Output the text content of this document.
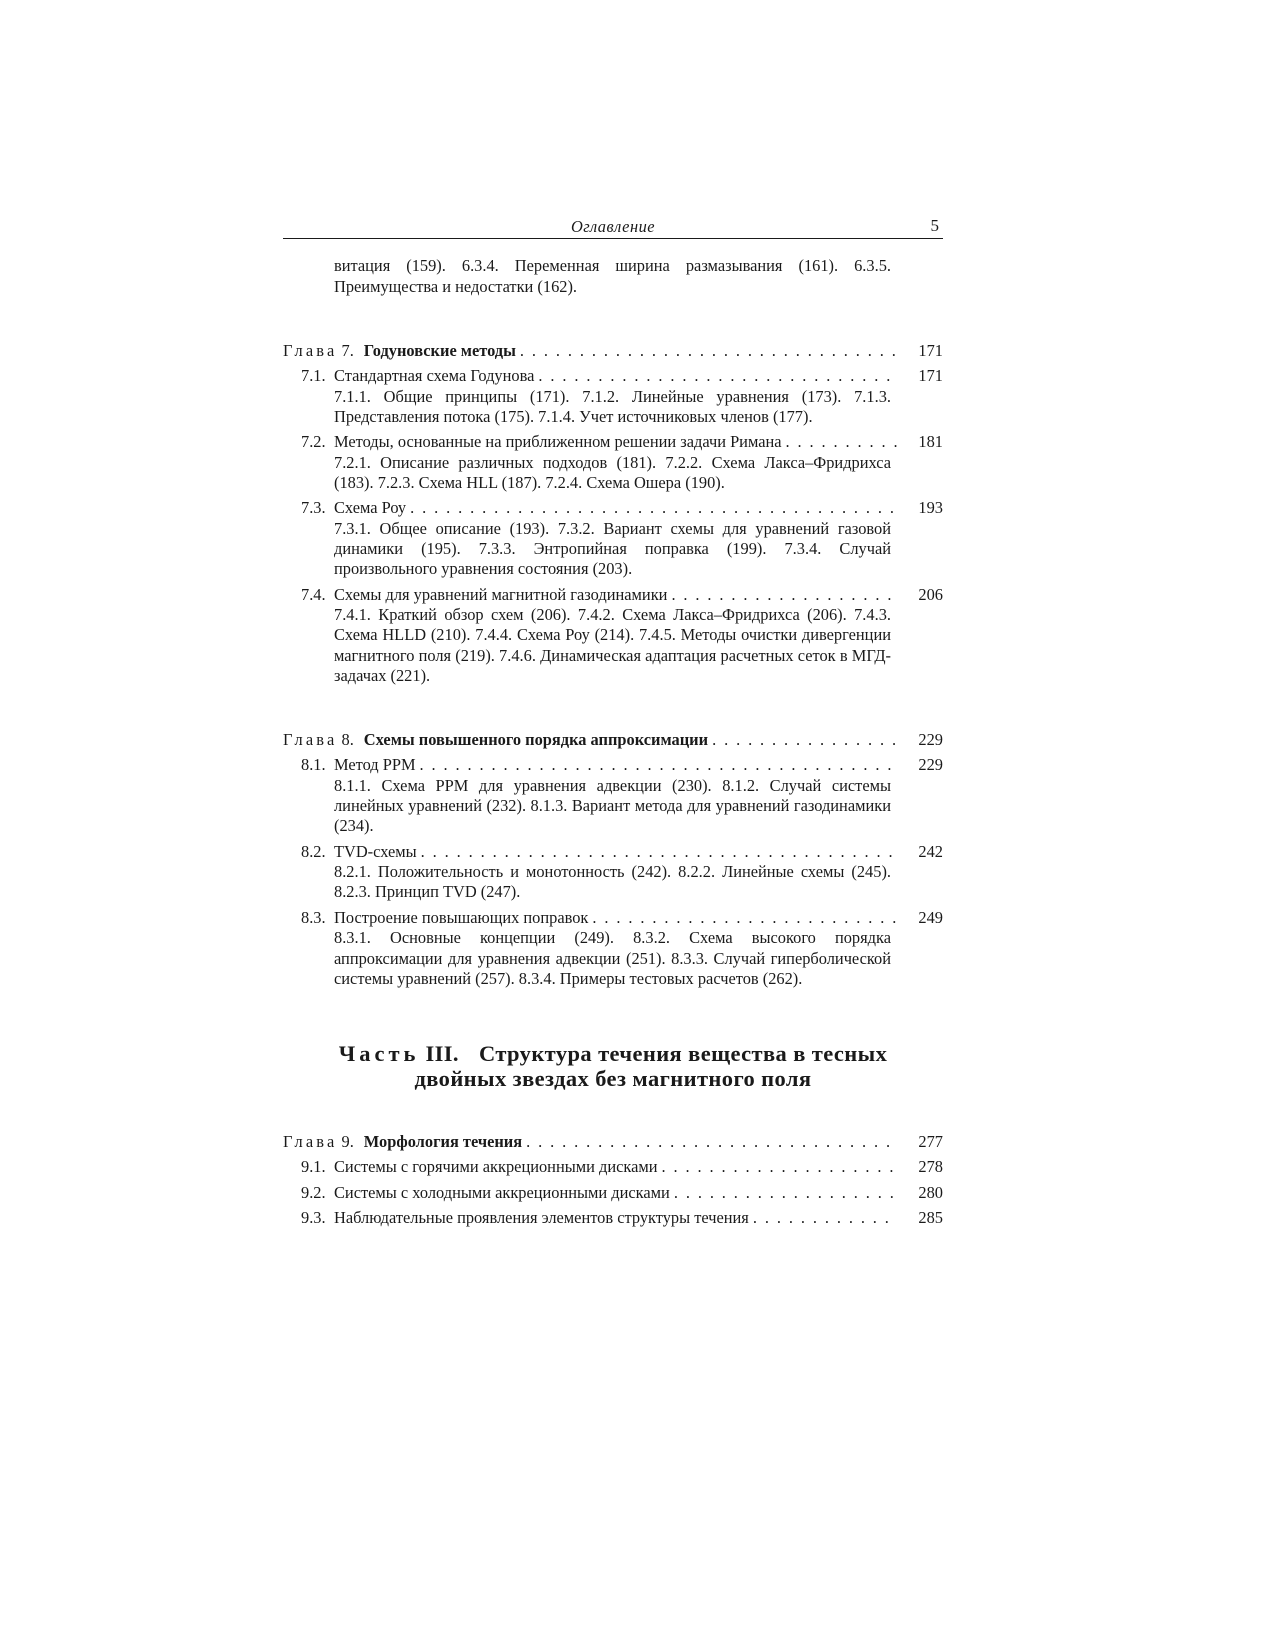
Оглавление	5
витация (159). 6.3.4. Переменная ширина размазывания (161). 6.3.5. Преимущества и недостатки (162).
Глава 7. Годуновские методы . . .	171
7.1. Стандартная схема Годунова . . .	171
7.1.1. Общие принципы (171). 7.1.2. Линейные уравнения (173). 7.1.3. Представления потока (175). 7.1.4. Учет источниковых членов (177).
7.2. Методы, основанные на приближенном решении задачи Римана . . .	181
7.2.1. Описание различных подходов (181). 7.2.2. Схема Лакса–Фридрихса (183). 7.2.3. Схема HLL (187). 7.2.4. Схема Ошера (190).
7.3. Схема Роу . . .	193
7.3.1. Общее описание (193). 7.3.2. Вариант схемы для уравнений газовой динамики (195). 7.3.3. Энтропийная поправка (199). 7.3.4. Случай произвольного уравнения состояния (203).
7.4. Схемы для уравнений магнитной газодинамики . . .	206
7.4.1. Краткий обзор схем (206). 7.4.2. Схема Лакса–Фридрихса (206). 7.4.3. Схема HLLD (210). 7.4.4. Схема Роу (214). 7.4.5. Методы очистки дивергенции магнитного поля (219). 7.4.6. Динамическая адаптация расчетных сеток в МГД-задачах (221).
Глава 8. Схемы повышенного порядка аппроксимации . . .	229
8.1. Метод PPM . . .	229
8.1.1. Схема PPM для уравнения адвекции (230). 8.1.2. Случай системы линейных уравнений (232). 8.1.3. Вариант метода для уравнений газодинамики (234).
8.2. TVD-схемы . . .	242
8.2.1. Положительность и монотонность (242). 8.2.2. Линейные схемы (245). 8.2.3. Принцип TVD (247).
8.3. Построение повышающих поправок . . .	249
8.3.1. Основные концепции (249). 8.3.2. Схема высокого порядка аппроксимации для уравнения адвекции (251). 8.3.3. Случай гиперболической системы уравнений (257). 8.3.4. Примеры тестовых расчетов (262).
Часть III. Структура течения вещества в тесных
двойных звездах без магнитного поля
Глава 9. Морфология течения . . .	277
9.1. Системы с горячими аккреционными дисками . . .	278
9.2. Системы с холодными аккреционными дисками . . .	280
9.3. Наблюдательные проявления элементов структуры течения . . .	285
